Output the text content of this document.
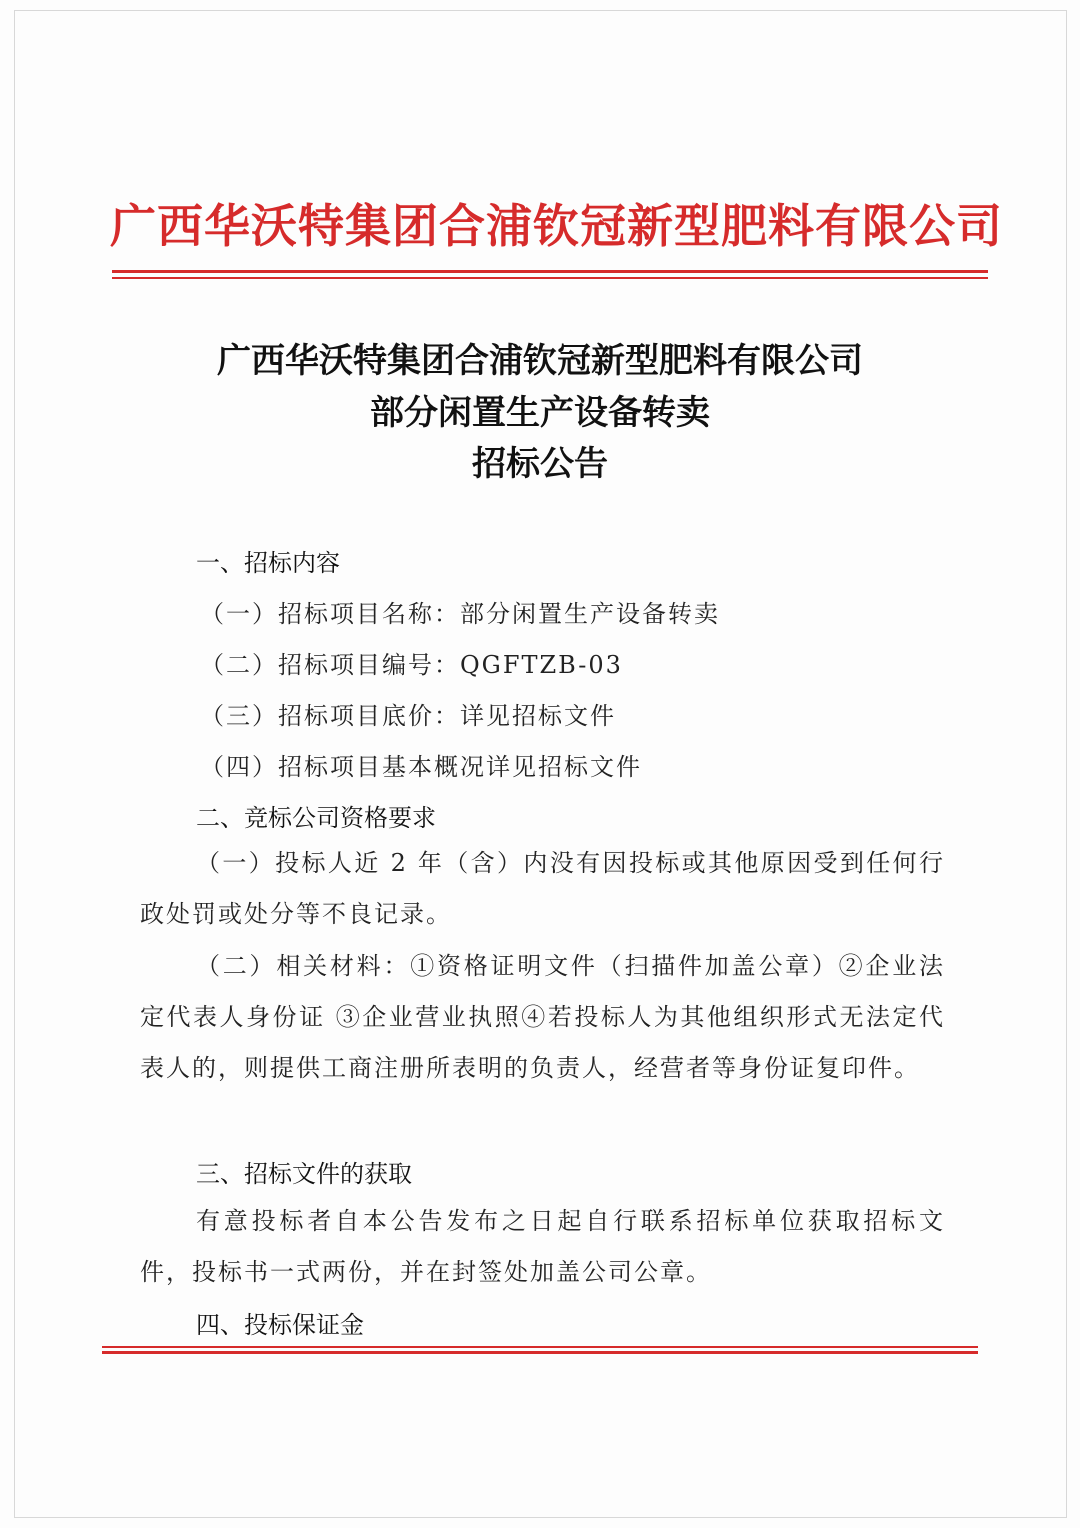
广西华沃特集团合浦钦冠新型肥料有限公司
广西华沃特集团合浦钦冠新型肥料有限公司
部分闲置生产设备转卖
招标公告
一、招标内容
（一）招标项目名称：部分闲置生产设备转卖
（二）招标项目编号：QGFTZB-03
（三）招标项目底价：详见招标文件
（四）招标项目基本概况详见招标文件
二、竞标公司资格要求
（一）投标人近 2 年（含）内没有因投标或其他原因受到任何行政处罚或处分等不良记录。
（二）相关材料：①资格证明文件（扫描件加盖公章）②企业法定代表人身份证 ③企业营业执照④若投标人为其他组织形式无法定代表人的，则提供工商注册所表明的负责人，经营者等身份证复印件。
三、招标文件的获取
有意投标者自本公告发布之日起自行联系招标单位获取招标文件，投标书一式两份，并在封签处加盖公司公章。
四、投标保证金
